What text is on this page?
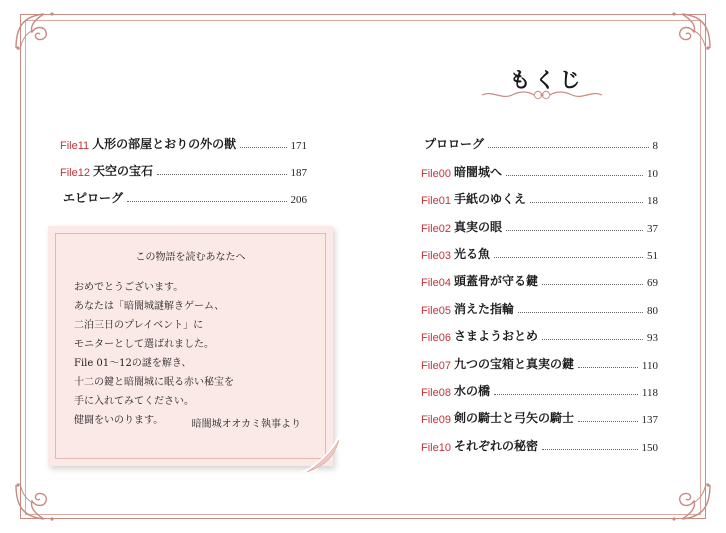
もくじ
File11 人形の部屋とおりの外の獣	171
File12 天空の宝石	187
エピローグ	206
プロローグ	8
File00 暗闇城へ	10
File01 手紙のゆくえ	18
File02 真実の眼	37
File03 光る魚	51
File04 頭蓋骨が守る鍵	69
File05 消えた指輪	80
File06 さまようおとめ	93
File07 九つの宝箱と真実の鍵	110
File08 水の橋	118
File09 剣の騎士と弓矢の騎士	137
File10 それぞれの秘密	150
この物語を読むあなたへ
おめでとうございます。
あなたは「暗闇城謎解きゲーム、
二泊三日のプレイベント」に
モニターとして選ばれました。
File 01〜12の謎を解き、
十二の鍵と暗闇城に眠る赤い秘宝を
手に入れてみてください。
健闘をいのります。	暗闇城オオカミ執事より
